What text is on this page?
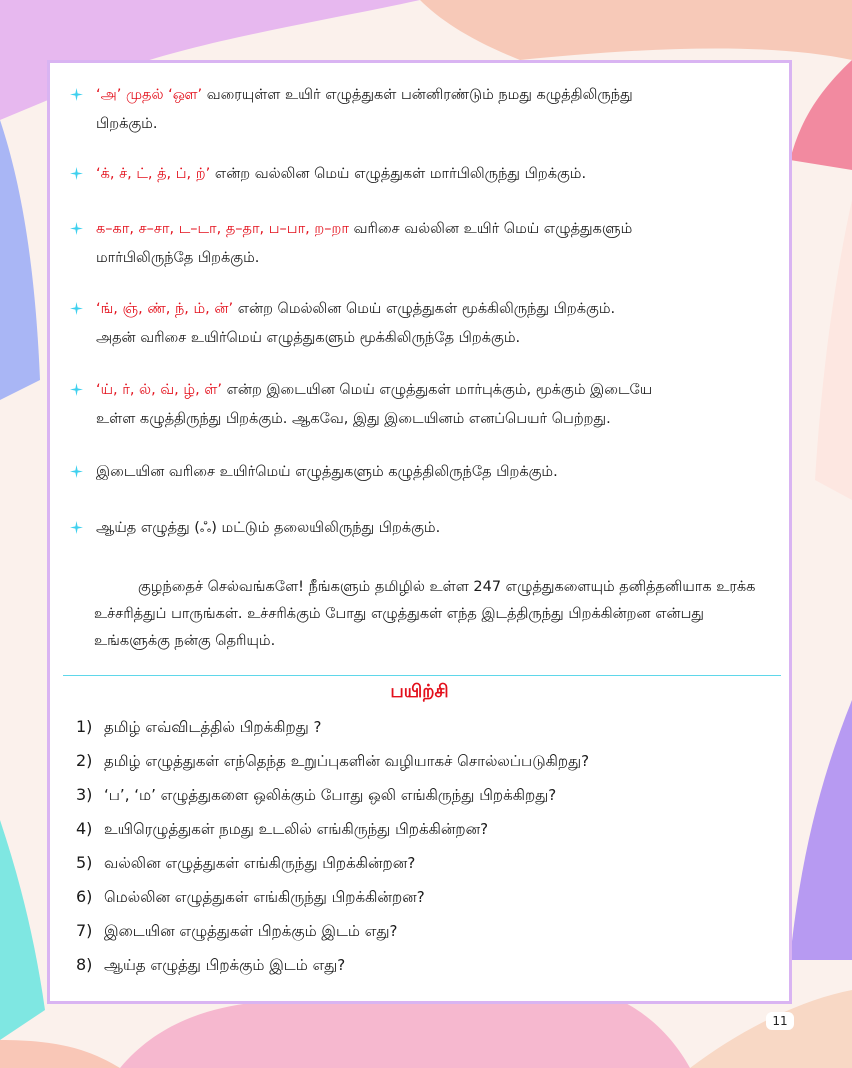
‘அ’ முதல் ‘ஔ’ வரையுள்ள உயிர் எழுத்துகள் பன்னிரண்டும் நமது கழுத்திலிருந்து
பிறக்கும்.
‘க், ச், ட், த், ப், ற்’ என்ற வல்லின மெய் எழுத்துகள் மார்பிலிருந்து பிறக்கும்.
க–கா, ச–சா, ட–டா, த–தா, ப–பா, ற–றா வரிசை வல்லின உயிர் மெய் எழுத்துகளும்
மார்பிலிருந்தே பிறக்கும்.
‘ங், ஞ், ண், ந், ம், ன்’ என்ற மெல்லின மெய் எழுத்துகள் மூக்கிலிருந்து பிறக்கும்.
அதன் வரிசை உயிர்மெய் எழுத்துகளும் மூக்கிலிருந்தே பிறக்கும்.
‘ய், ர், ல், வ், ழ், ள்’ என்ற இடையின மெய் எழுத்துகள் மார்புக்கும், மூக்கும் இடையே
உள்ள கழுத்திருந்து பிறக்கும். ஆகவே, இது இடையினம் எனப்பெயர் பெற்றது.
இடையின வரிசை உயிர்மெய் எழுத்துகளும் கழுத்திலிருந்தே பிறக்கும்.
ஆய்த எழுத்து (ஃ) மட்டும் தலையிலிருந்து பிறக்கும்.

குழந்தைச் செல்வங்களே! நீங்களும் தமிழில் உள்ள 247 எழுத்துகளையும் தனித்தனியாக உரக்க உச்சரித்துப் பாருங்கள். உச்சரிக்கும் போது எழுத்துகள் எந்த இடத்திருந்து பிறக்கின்றன என்பது உங்களுக்கு நன்கு தெரியும்.

பயிற்சி
1) தமிழ் எவ்விடத்தில் பிறக்கிறது ?
2) தமிழ் எழுத்துகள் எந்தெந்த உறுப்புகளின் வழியாகச் சொல்லப்படுகிறது?
3) ‘ப’, ‘ம’ எழுத்துகளை ஒலிக்கும் போது ஒலி எங்கிருந்து பிறக்கிறது?
4) உயிரெழுத்துகள் நமது உடலில் எங்கிருந்து பிறக்கின்றன?
5) வல்லின எழுத்துகள் எங்கிருந்து பிறக்கின்றன?
6) மெல்லின எழுத்துகள் எங்கிருந்து பிறக்கின்றன?
7) இடையின எழுத்துகள் பிறக்கும் இடம் எது?
8) ஆய்த எழுத்து பிறக்கும் இடம் எது?
11
